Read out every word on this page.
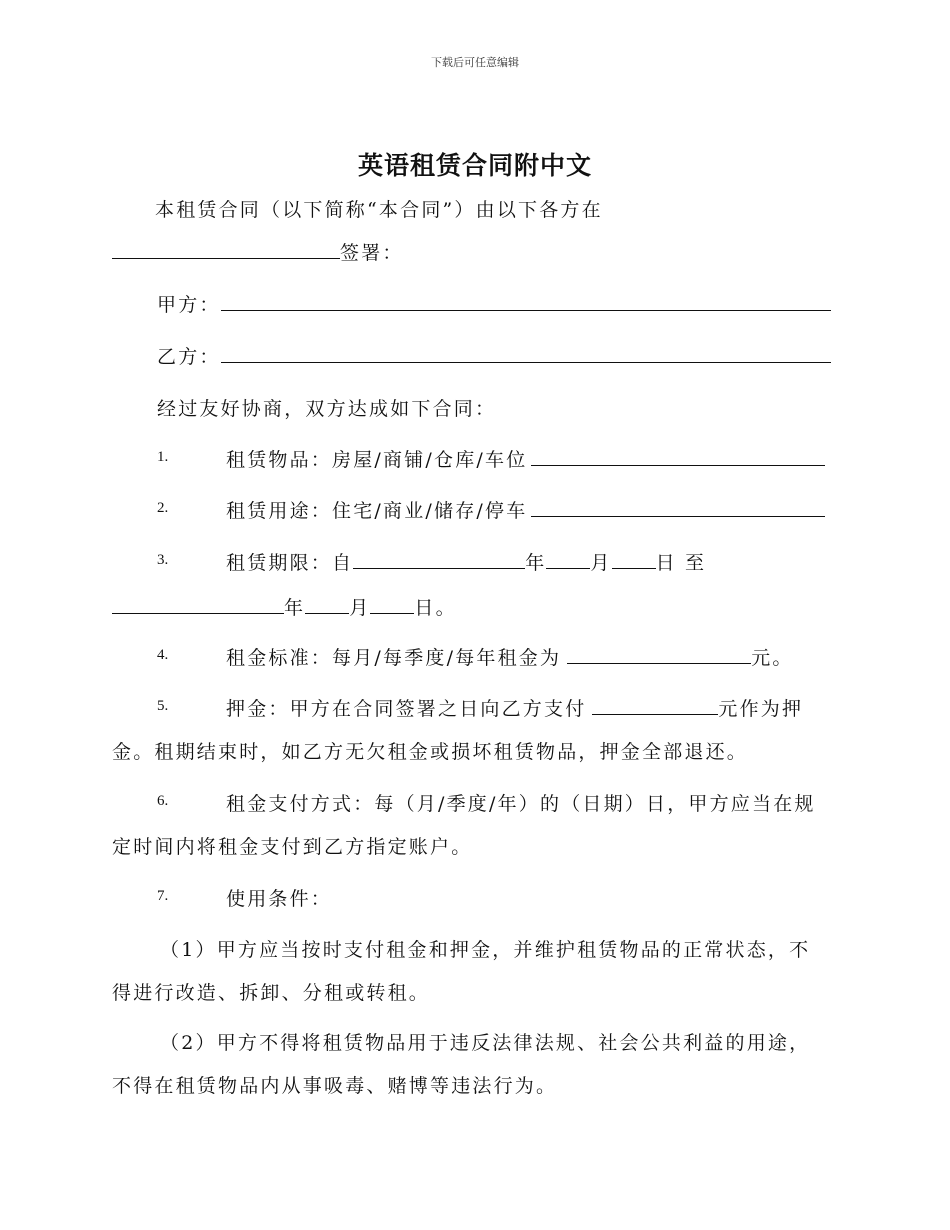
下载后可任意编辑
英语租赁合同附中文
本租赁合同（以下简称“本合同”）由以下各方在
签署：
甲方：
乙方：
经过友好协商，双方达成如下合同：
1.	租赁物品：房屋/商铺/仓库/车位
2.	租赁用途：住宅/商业/储存/停车
3.	租赁期限：自	年 月 日 至
年 月 日。
4.	租金标准：每月/每季度/每年租金为	元。
5.	押金：甲方在合同签署之日向乙方支付	元作为押
金。租期结束时，如乙方无欠租金或损坏租赁物品，押金全部退还。
6.	租金支付方式：每（月/季度/年）的（日期）日，甲方应当在规
定时间内将租金支付到乙方指定账户。
7.	使用条件：
（1）甲方应当按时支付租金和押金，并维护租赁物品的正常状态，不
得进行改造、拆卸、分租或转租。
（2）甲方不得将租赁物品用于违反法律法规、社会公共利益的用途，
不得在租赁物品内从事吸毒、赌博等违法行为。
